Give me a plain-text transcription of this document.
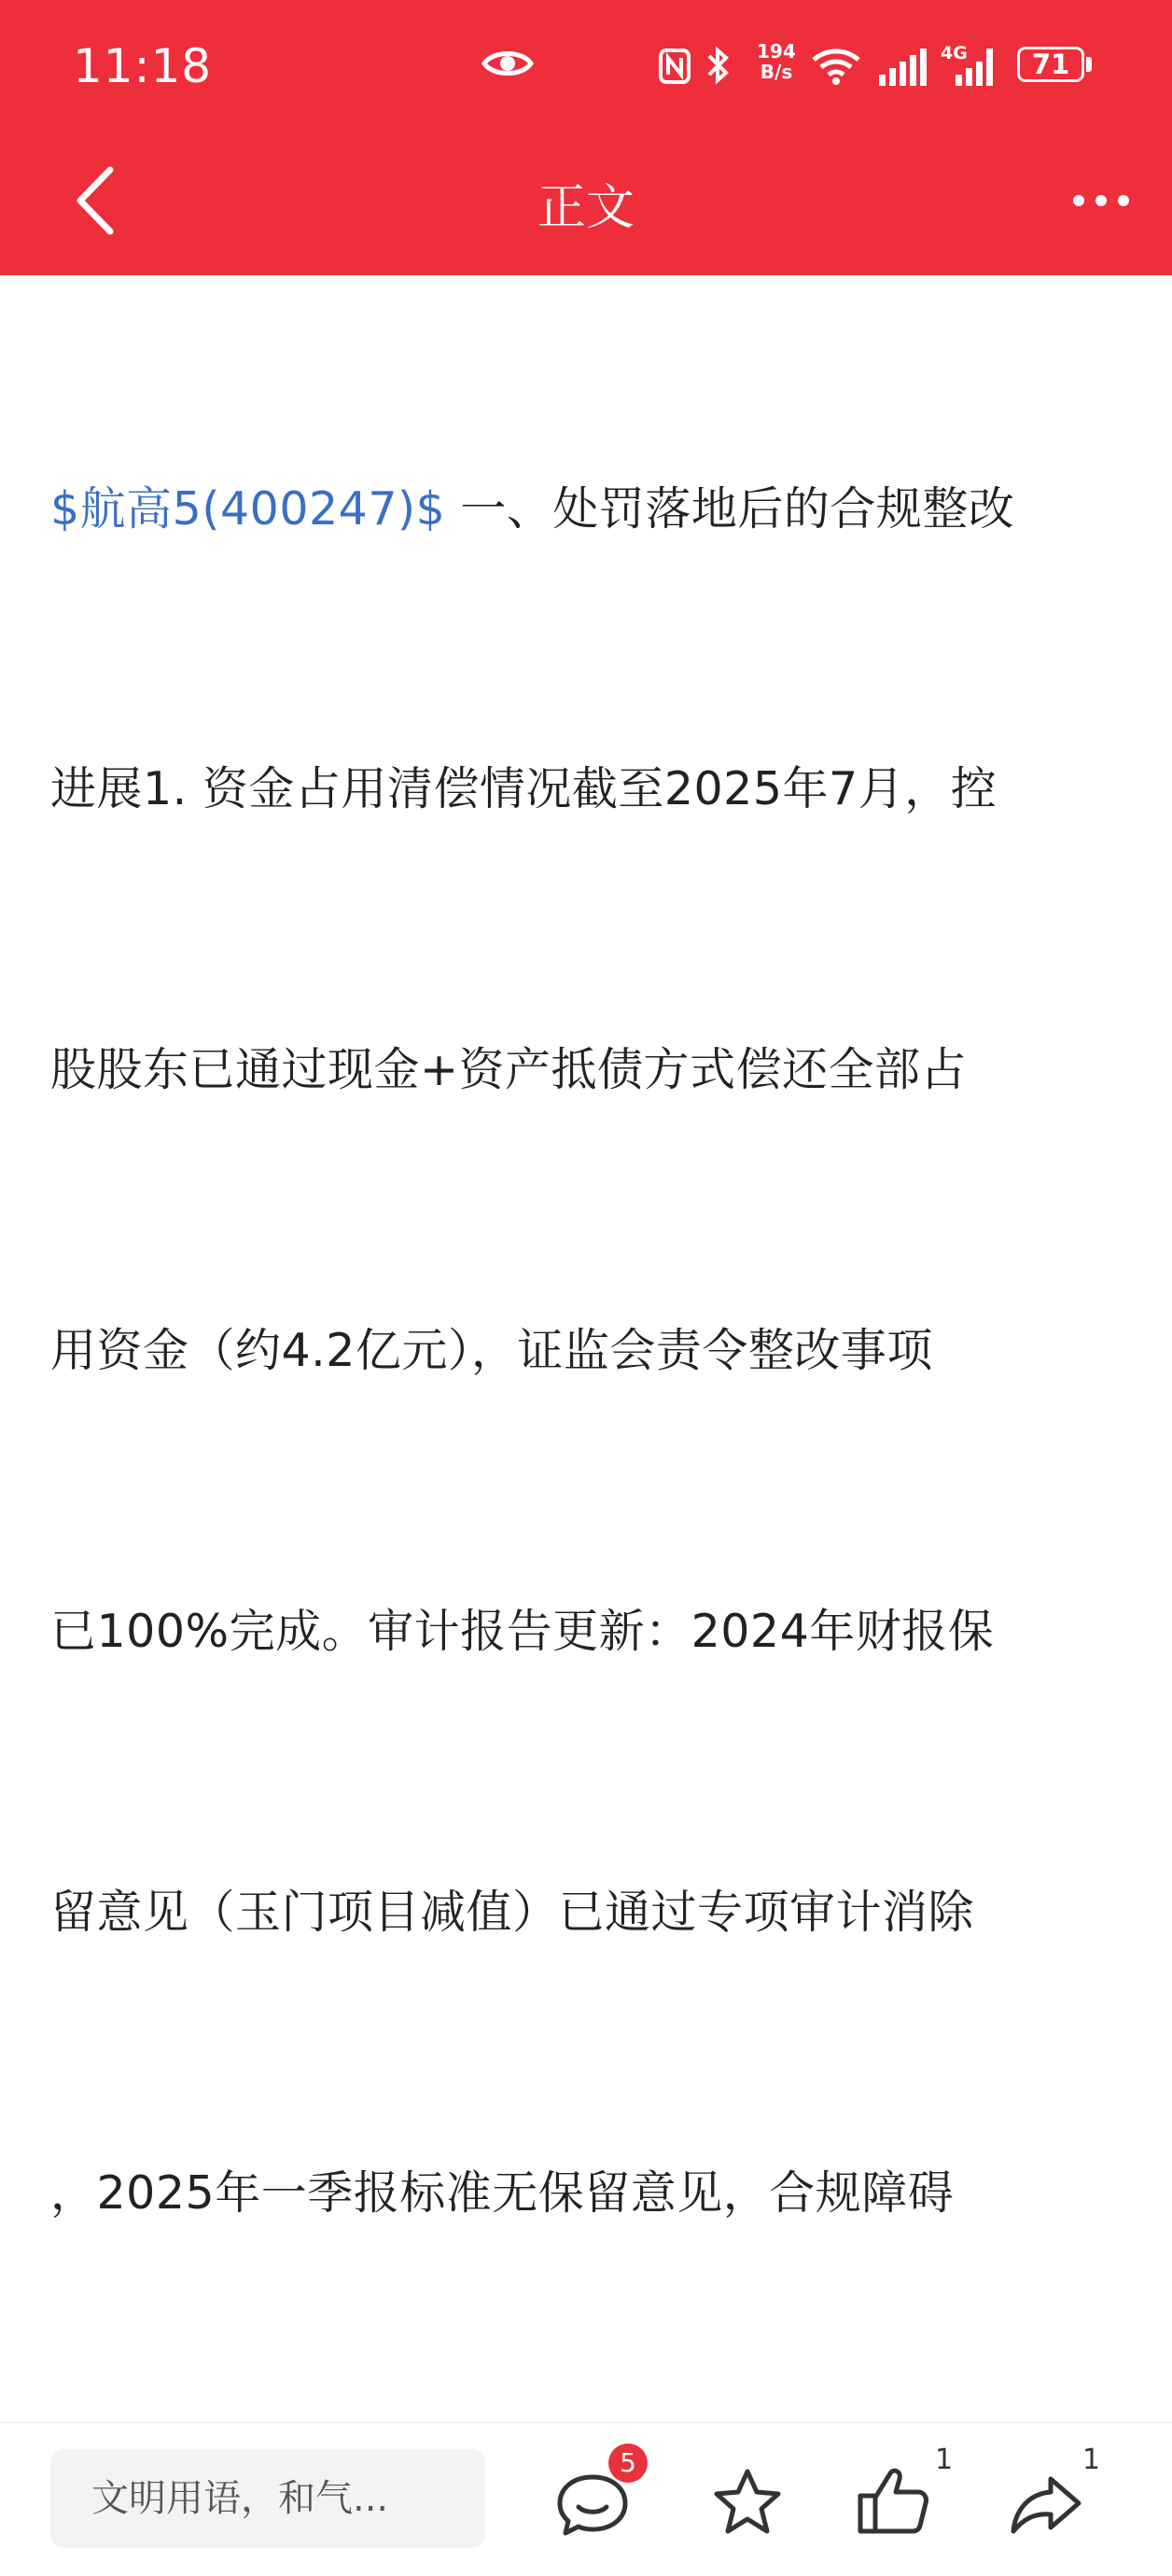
11:18	194
B/s
4G	71
正文

$航高5(400247)$ 一、处罚落地后的合规整改

进展1. 资金占用清偿情况截至2025年7月，控

股股东已通过现金+资产抵债方式偿还全部占

用资金（约4.2亿元），证监会责令整改事项

已100%完成。审计报告更新：2024年财报保

留意见（玉门项目减值）已通过专项审计消除

，2025年一季报标准无保留意见，合规障碍

文明用语，和气...
5	1	1
